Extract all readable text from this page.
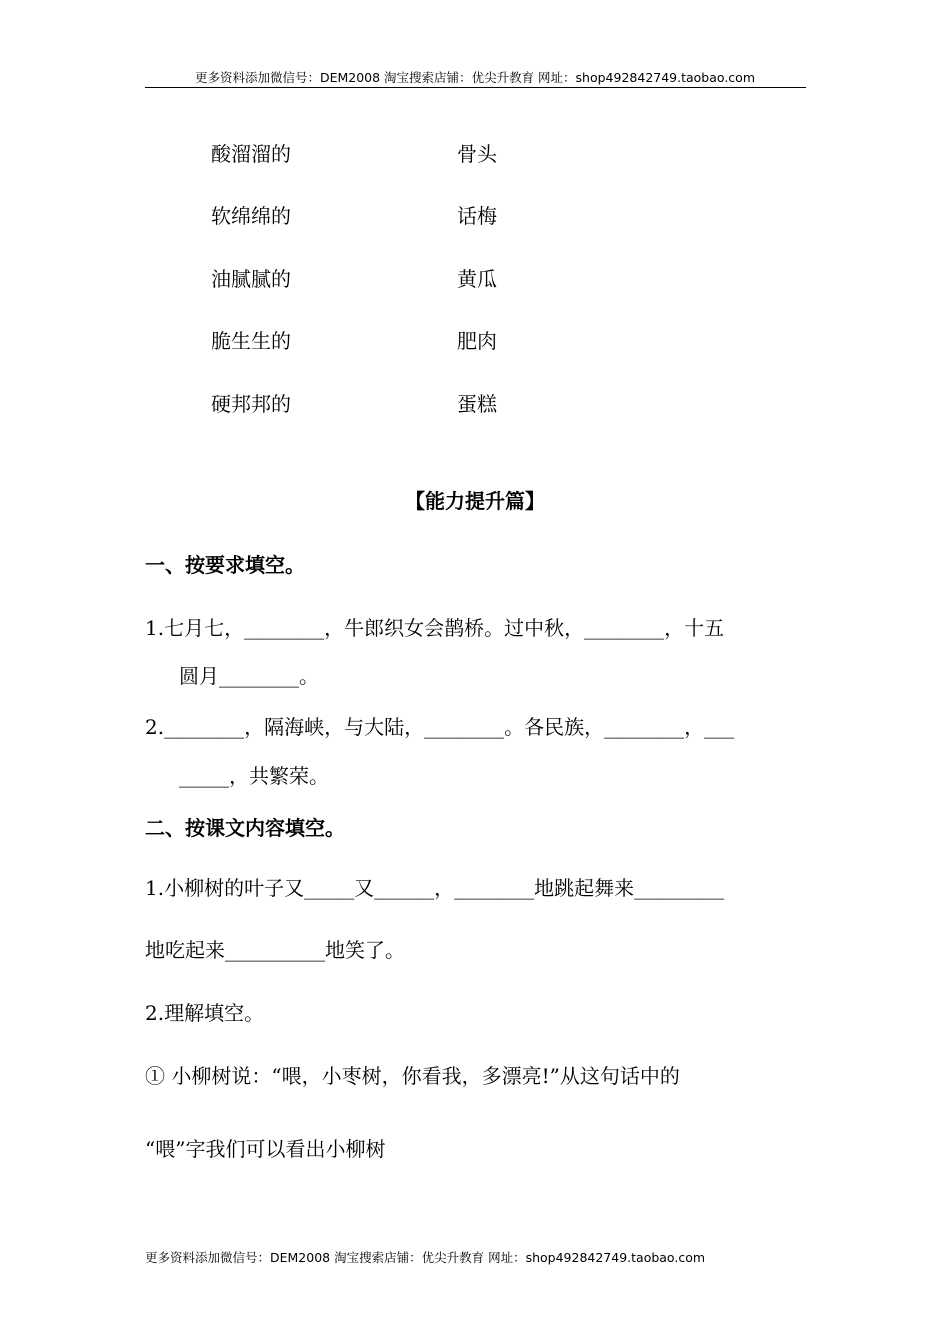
更多资料添加微信号：DEM2008 淘宝搜索店铺：优尖升教育 网址：shop492842749.taobao.com
酸溜溜的	骨头
软绵绵的	话梅
油腻腻的	黄瓜
脆生生的	肥肉
硬邦邦的	蛋糕
【能力提升篇】
一、按要求填空。
1.七月七，________，牛郎织女会鹊桥。过中秋，________，十五
圆月________。
2.________，隔海峡，与大陆，________。各民族，________，___
_____，共繁荣。
二、按课文内容填空。
1.小柳树的叶子又_____又______，________地跳起舞来_________
地吃起来__________地笑了。
2.理解填空。
① 小柳树说：“喂，小枣树，你看我，多漂亮!”从这句话中的
“喂”字我们可以看出小柳树
更多资料添加微信号：DEM2008 淘宝搜索店铺：优尖升教育 网址：shop492842749.taobao.com
